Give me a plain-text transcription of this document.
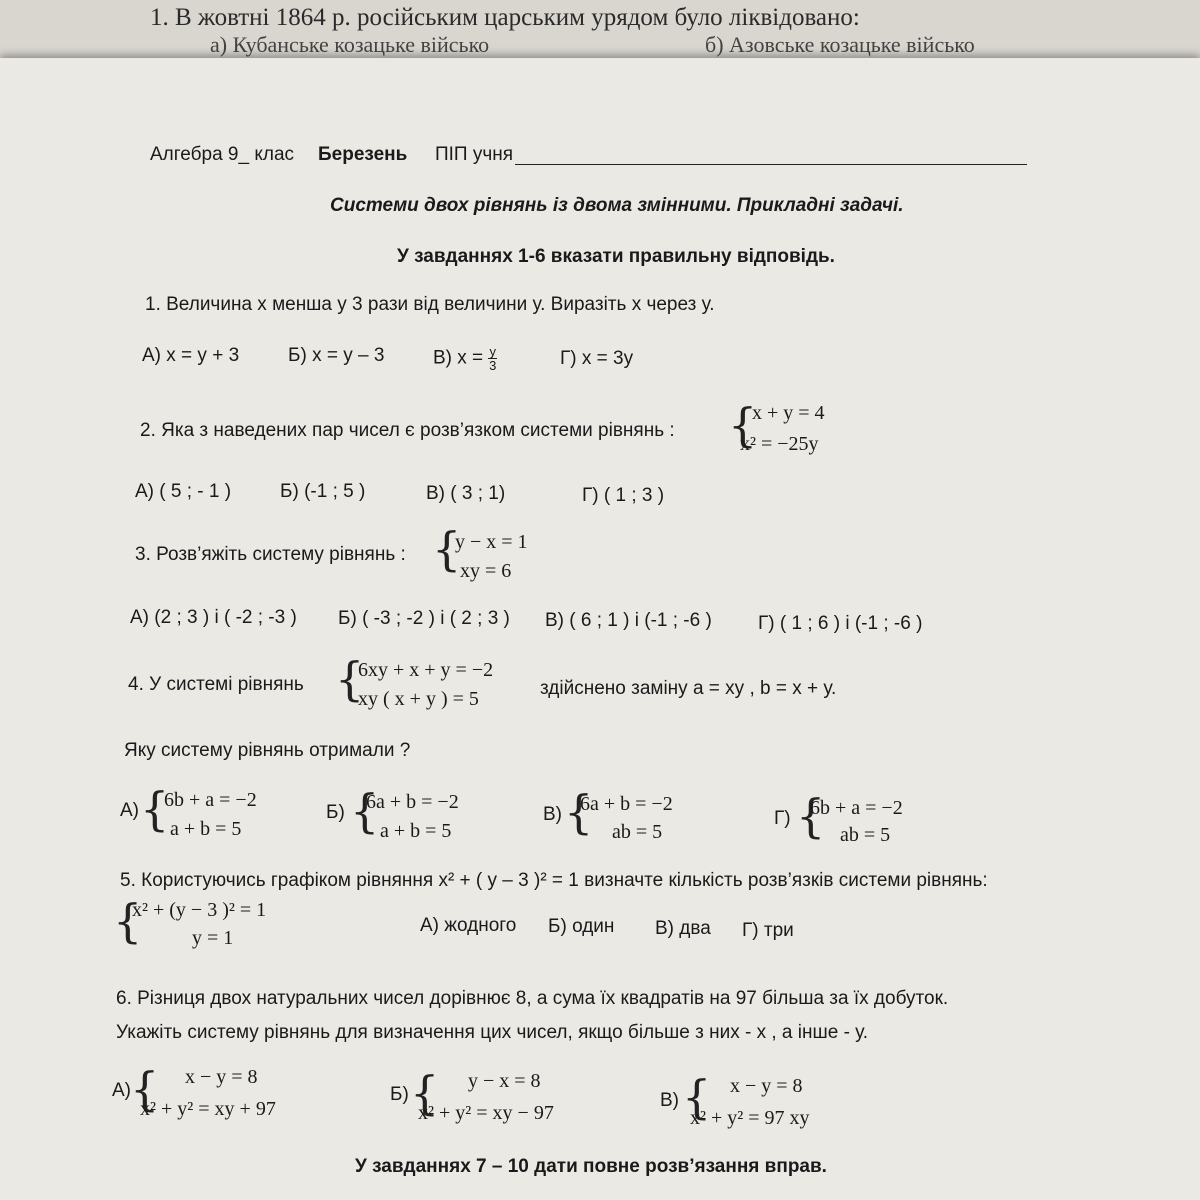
1. В жовтні 1864 р. російським царським урядом було ліквідовано:
а) Кубанське козацьке військо	б) Азовське козацьке військо
Алгебра 9_ клас Березень ПІП учня
Системи двох рівнянь із двома змінними. Прикладні задачі.
У завданнях 1-6 вказати правильну відповідь.
1. Величина х менша у 3 рази від величини у. Виразіть х через у.
А) х = у + 3	Б) х = у – 3	В) $х = \frac{у}{3}$	Г) х = 3у
2. Яка з наведених пар чисел є розв’язком системи рівнянь : {
x + y = 4
x² = −25y
А) ( 5 ; - 1 )	Б) (-1 ; 5 )	В) ( 3 ; 1)	Г) ( 1 ; 3 )
3. Розв’яжіть систему рівнянь : {
y − x = 1
xy = 6
А) (2 ; 3 ) і ( -2 ; -3 ) Б) ( -3 ; -2 ) і ( 2 ; 3 ) В) ( 6 ; 1 ) і (-1 ; -6 ) Г) ( 1 ; 6 ) і (-1 ; -6 )
4. У системі рівнянь {
6xy + x + y = −2
xy ( x + y ) = 5	здійснено заміну а = ху , b = х + у.
Яку систему рівнянь отримали ?
А) {
6b + a = −2
a + b = 5
Б) {
6a + b = −2
a + b = 5
В) {
6a + b = −2
ab = 5
Г) {
6b + a = −2
ab = 5
5. Користуючись графіком рівняння х² + ( у – 3 )² = 1 визначте кількість розв’язків системи рівнянь:
{
x² + (y − 3 )² = 1
y = 1
А) жодного Б) один В) два Г) три
6. Різниця двох натуральних чисел дорівнює 8, а сума їх квадратів на 97 більша за їх добуток.
Укажіть систему рівнянь для визначення цих чисел, якщо більше з них - х , а інше - у.
А) { x − y = 8
x² + y² = xy + 97
Б) { y − x = 8
x² + y² = xy − 97
В) { x − y = 8
x² + y² = 97 xy
У завданнях 7 – 10 дати повне розв’язання вправ.
